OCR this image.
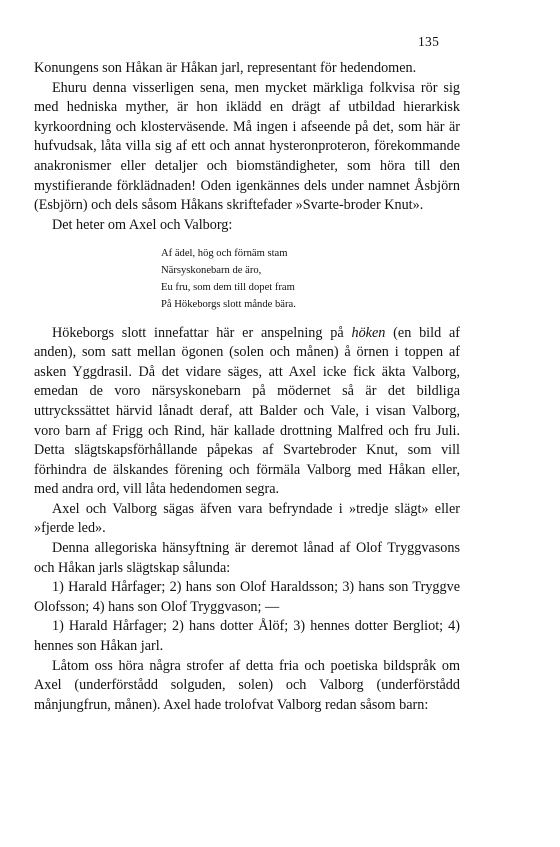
135

Konungens son Håkan är Håkan jarl, representant för hedendomen.

Ehuru denna visserligen sena, men mycket märkliga folkvisa rör sig med hedniska myther, är hon iklädd en drägt af utbildad hierarkisk kyrkoordning och klosterväsende. Må ingen i afseende på det, som här är hufvudsak, låta villa sig af ett och annat hysteronproteron, förekommande anakronismer eller detaljer och biomständigheter, som höra till den mystifierande förklädnaden! Oden igenkännes dels under namnet Åsbjörn (Esbjörn) och dels såsom Håkans skriftefader »Svarte-broder Knut».

Det heter om Axel och Valborg:

Af ädel, hög och förnäm stam
Närsyskonebarn de äro,
Eu fru, som dem till dopet fram
På Hökeborgs slott månde bära.

Hökeborgs slott innefattar här er anspelning på höken (en bild af anden), som satt mellan ögonen (solen och månen) å örnen i toppen af asken Yggdrasil. Då det vidare säges, att Axel icke fick äkta Valborg, emedan de voro närsyskonebarn på mödernet så är det bildliga uttryckssättet härvid lånadt deraf, att Balder och Vale, i visan Valborg, voro barn af Frigg och Rind, här kallade drottning Malfred och fru Juli. Detta slägtskapsförhållande påpekas af Svartebroder Knut, som vill förhindra de älskandes förening och förmäla Valborg med Håkan eller, med andra ord, vill låta hedendomen segra.

Axel och Valborg sägas äfven vara befryndade i »tredje slägt» eller »fjerde led».

Denna allegoriska hänsyftning är deremot lånad af Olof Tryggvasons och Håkan jarls slägtskap sålunda:

1) Harald Hårfager; 2) hans son Olof Haraldsson; 3) hans son Tryggve Olofsson; 4) hans son Olof Tryggvason; —

1) Harald Hårfager; 2) hans dotter Ålöf; 3) hennes dotter Bergliot; 4) hennes son Håkan jarl.

Låtom oss höra några strofer af detta fria och poetiska bildspråk om Axel (underförstådd solguden, solen) och Valborg (underförstådd månjungfrun, månen). Axel hade trolofvat Valborg redan såsom barn:
